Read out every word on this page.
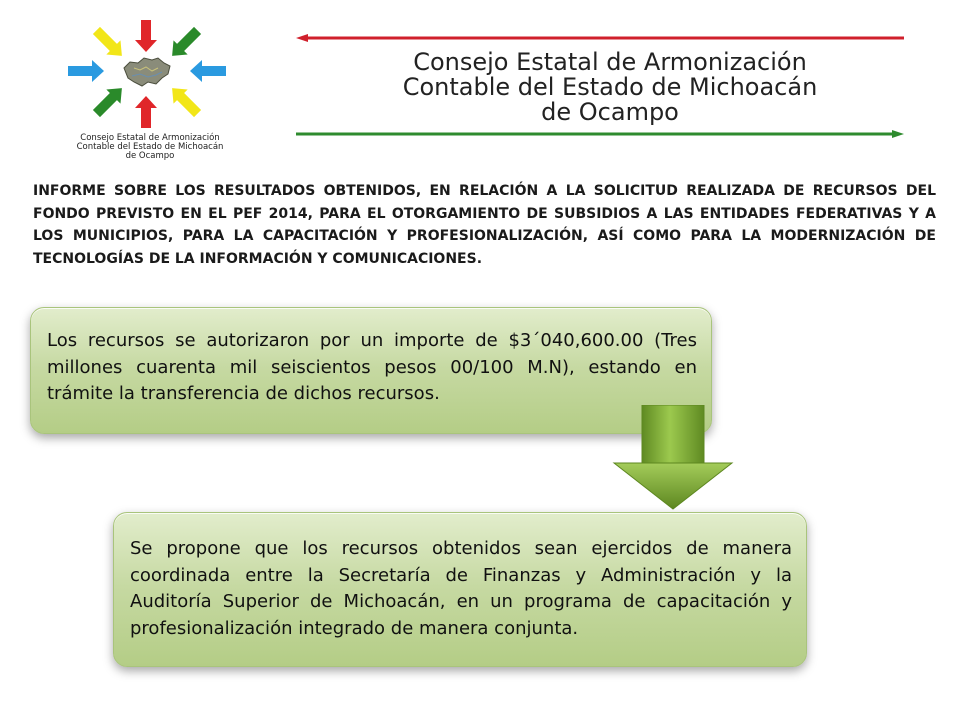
Consejo Estatal de Armonización
Contable del Estado de Michoacán
de Ocampo
Consejo Estatal de Armonización
Contable del Estado de Michoacán
de Ocampo
INFORME SOBRE LOS RESULTADOS OBTENIDOS, EN RELACIÓN A LA SOLICITUD REALIZADA DE RECURSOS DEL FONDO PREVISTO EN EL PEF 2014, PARA EL OTORGAMIENTO DE SUBSIDIOS A LAS ENTIDADES FEDERATIVAS Y A LOS MUNICIPIOS, PARA LA CAPACITACIÓN Y PROFESIONALIZACIÓN, ASÍ COMO PARA LA MODERNIZACIÓN DE TECNOLOGÍAS DE LA INFORMACIÓN Y COMUNICACIONES.
Los recursos se autorizaron por un importe de $3´040,600.00 (Tres millones cuarenta mil seiscientos pesos 00/100 M.N), estando en trámite la transferencia de dichos recursos.
Se propone que los recursos obtenidos sean ejercidos de manera coordinada entre la Secretaría de Finanzas y Administración y la Auditoría Superior de Michoacán, en un programa de capacitación y profesionalización integrado de manera conjunta.
